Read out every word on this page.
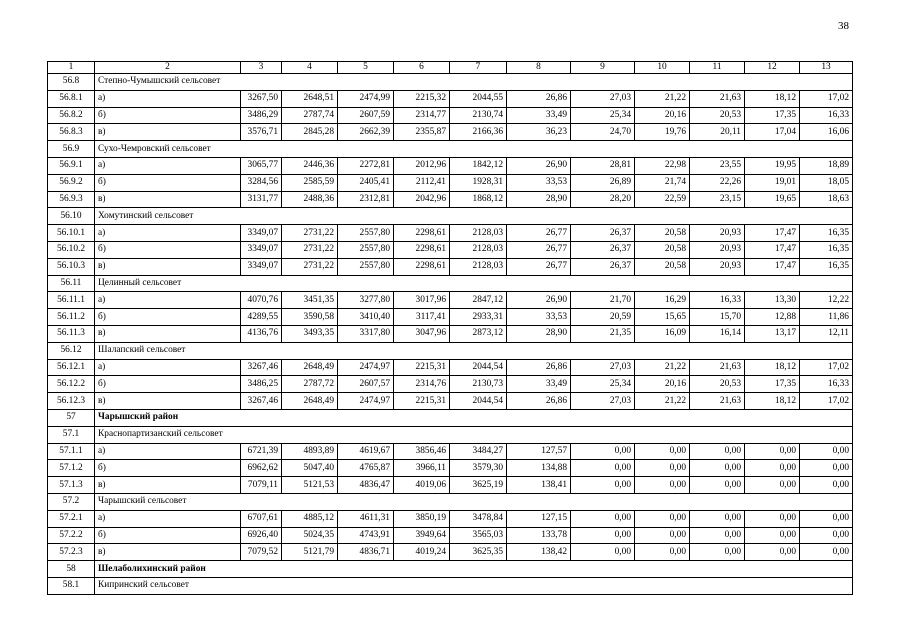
38
1	2	3	4	5	6	7	8	9	10	11	12	13
56.8	Степно-Чумышский сельсовет											
56.8.1	а)	3267,50	2648,51	2474,99	2215,32	2044,55	26,86	27,03	21,22	21,63	18,12	17,02
56.8.2	б)	3486,29	2787,74	2607,59	2314,77	2130,74	33,49	25,34	20,16	20,53	17,35	16,33
56.8.3	в)	3576,71	2845,28	2662,39	2355,87	2166,36	36,23	24,70	19,76	20,11	17,04	16,06
56.9	Сухо-Чемровский сельсовет											
56.9.1	а)	3065,77	2446,36	2272,81	2012,96	1842,12	26,90	28,81	22,98	23,55	19,95	18,89
56.9.2	б)	3284,56	2585,59	2405,41	2112,41	1928,31	33,53	26,89	21,74	22,26	19,01	18,05
56.9.3	в)	3131,77	2488,36	2312,81	2042,96	1868,12	28,90	28,20	22,59	23,15	19,65	18,63
56.10	Хомутинский сельсовет											
56.10.1	а)	3349,07	2731,22	2557,80	2298,61	2128,03	26,77	26,37	20,58	20,93	17,47	16,35
56.10.2	б)	3349,07	2731,22	2557,80	2298,61	2128,03	26,77	26,37	20,58	20,93	17,47	16,35
56.10.3	в)	3349,07	2731,22	2557,80	2298,61	2128,03	26,77	26,37	20,58	20,93	17,47	16,35
56.11	Целинный сельсовет											
56.11.1	а)	4070,76	3451,35	3277,80	3017,96	2847,12	26,90	21,70	16,29	16,33	13,30	12,22
56.11.2	б)	4289,55	3590,58	3410,40	3117,41	2933,31	33,53	20,59	15,65	15,70	12,88	11,86
56.11.3	в)	4136,76	3493,35	3317,80	3047,96	2873,12	28,90	21,35	16,09	16,14	13,17	12,11
56.12	Шалапский сельсовет											
56.12.1	а)	3267,46	2648,49	2474,97	2215,31	2044,54	26,86	27,03	21,22	21,63	18,12	17,02
56.12.2	б)	3486,25	2787,72	2607,57	2314,76	2130,73	33,49	25,34	20,16	20,53	17,35	16,33
56.12.3	в)	3267,46	2648,49	2474,97	2215,31	2044,54	26,86	27,03	21,22	21,63	18,12	17,02
57	Чарышский район											
57.1	Краснопартизанский сельсовет											
57.1.1	а)	6721,39	4893,89	4619,67	3856,46	3484,27	127,57	0,00	0,00	0,00	0,00	0,00
57.1.2	б)	6962,62	5047,40	4765,87	3966,11	3579,30	134,88	0,00	0,00	0,00	0,00	0,00
57.1.3	в)	7079,11	5121,53	4836,47	4019,06	3625,19	138,41	0,00	0,00	0,00	0,00	0,00
57.2	Чарышский сельсовет											
57.2.1	а)	6707,61	4885,12	4611,31	3850,19	3478,84	127,15	0,00	0,00	0,00	0,00	0,00
57.2.2	б)	6926,40	5024,35	4743,91	3949,64	3565,03	133,78	0,00	0,00	0,00	0,00	0,00
57.2.3	в)	7079,52	5121,79	4836,71	4019,24	3625,35	138,42	0,00	0,00	0,00	0,00	0,00
58	Шелаболихинский район											
58.1	Кипринский сельсовет											
